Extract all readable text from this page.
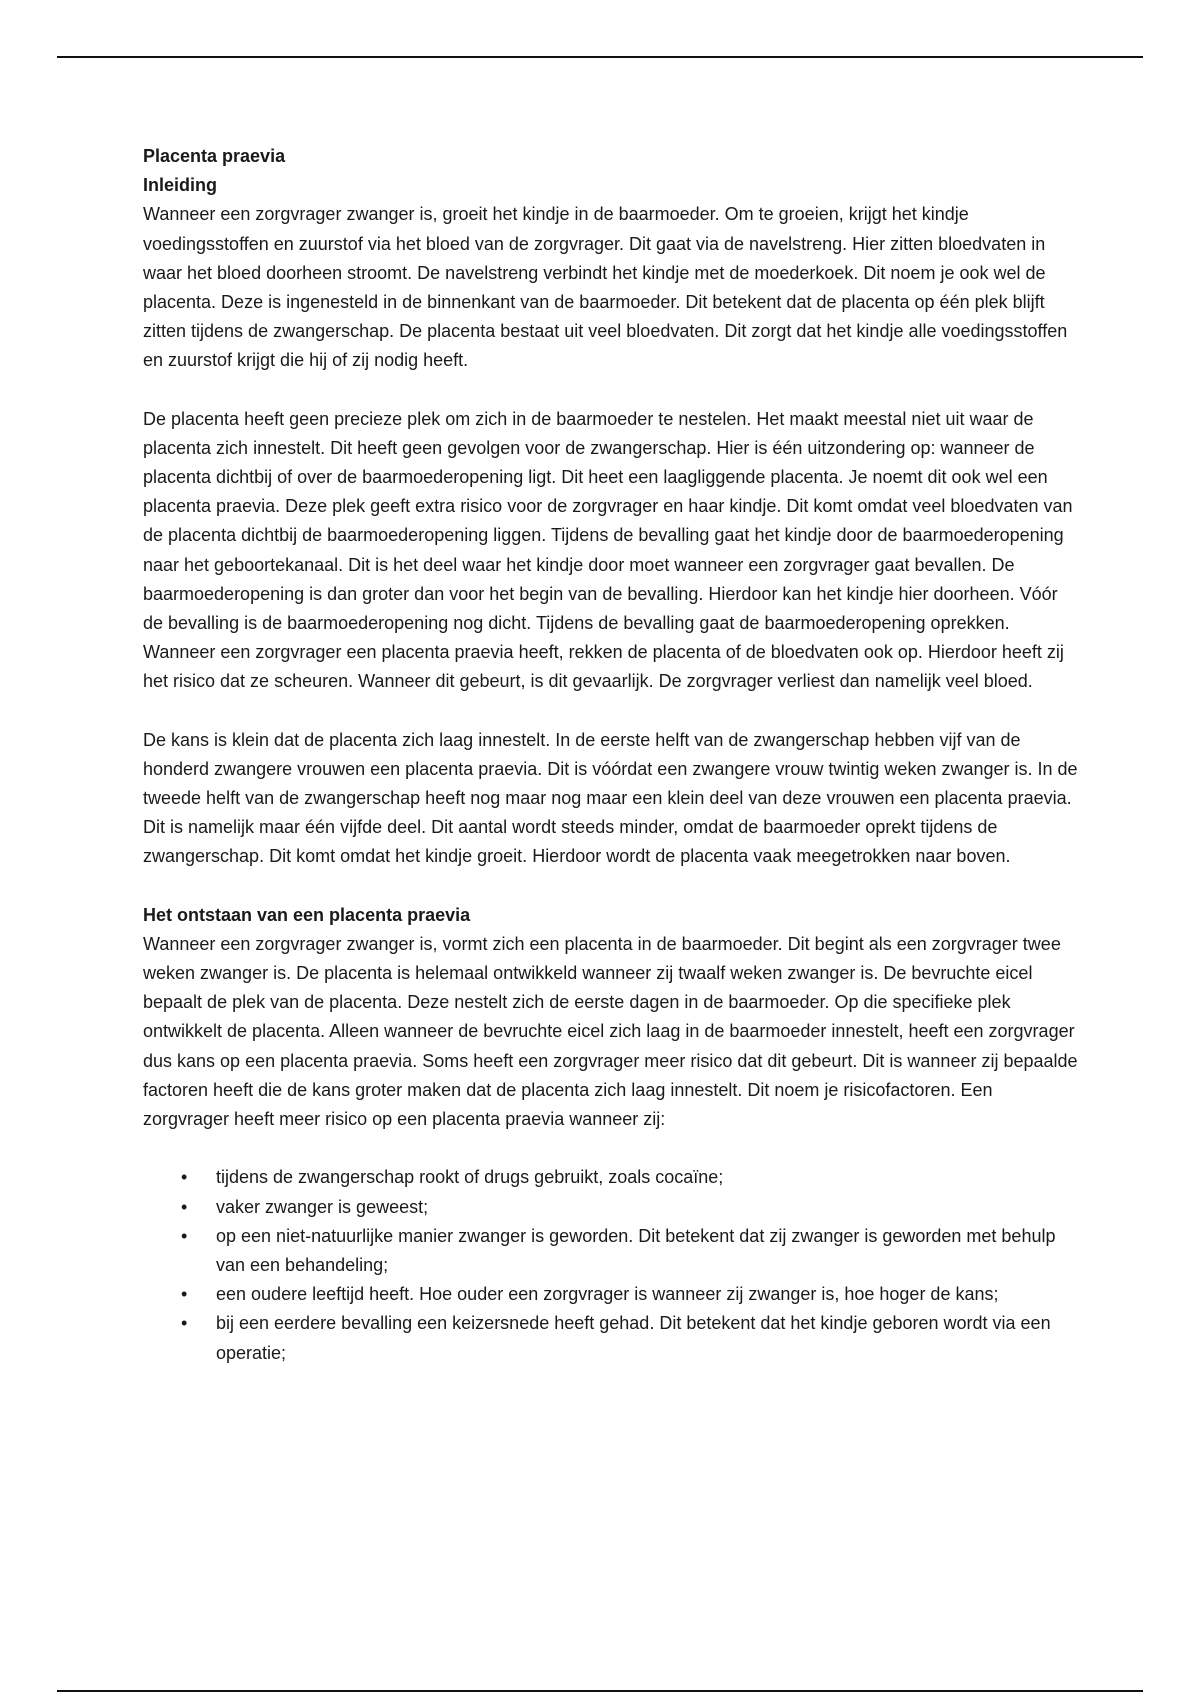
Placenta praevia

Inleiding

Wanneer een zorgvrager zwanger is, groeit het kindje in de baarmoeder. Om te groeien, krijgt het kindje voedingsstoffen en zuurstof via het bloed van de zorgvrager. Dit gaat via de navelstreng. Hier zitten bloedvaten in waar het bloed doorheen stroomt. De navelstreng verbindt het kindje met de moederkoek. Dit noem je ook wel de placenta. Deze is ingenesteld in de binnenkant van de baarmoeder. Dit betekent dat de placenta op één plek blijft zitten tijdens de zwangerschap. De placenta bestaat uit veel bloedvaten. Dit zorgt dat het kindje alle voedingsstoffen en zuurstof krijgt die hij of zij nodig heeft.

De placenta heeft geen precieze plek om zich in de baarmoeder te nestelen. Het maakt meestal niet uit waar de placenta zich innestelt. Dit heeft geen gevolgen voor de zwangerschap. Hier is één uitzondering op: wanneer de placenta dichtbij of over de baarmoederopening ligt. Dit heet een laagliggende placenta. Je noemt dit ook wel een placenta praevia. Deze plek geeft extra risico voor de zorgvrager en haar kindje. Dit komt omdat veel bloedvaten van de placenta dichtbij de baarmoederopening liggen. Tijdens de bevalling gaat het kindje door de baarmoederopening naar het geboortekanaal. Dit is het deel waar het kindje door moet wanneer een zorgvrager gaat bevallen. De baarmoederopening is dan groter dan voor het begin van de bevalling. Hierdoor kan het kindje hier doorheen. Vóór de bevalling is de baarmoederopening nog dicht. Tijdens de bevalling gaat de baarmoederopening oprekken. Wanneer een zorgvrager een placenta praevia heeft, rekken de placenta of de bloedvaten ook op. Hierdoor heeft zij het risico dat ze scheuren. Wanneer dit gebeurt, is dit gevaarlijk. De zorgvrager verliest dan namelijk veel bloed.

De kans is klein dat de placenta zich laag innestelt. In de eerste helft van de zwangerschap hebben vijf van de honderd zwangere vrouwen een placenta praevia. Dit is vóórdat een zwangere vrouw twintig weken zwanger is. In de tweede helft van de zwangerschap heeft nog maar nog maar een klein deel van deze vrouwen een placenta praevia. Dit is namelijk maar één vijfde deel. Dit aantal wordt steeds minder, omdat de baarmoeder oprekt tijdens de zwangerschap. Dit komt omdat het kindje groeit. Hierdoor wordt de placenta vaak meegetrokken naar boven.

Het ontstaan van een placenta praevia

Wanneer een zorgvrager zwanger is, vormt zich een placenta in de baarmoeder. Dit begint als een zorgvrager twee weken zwanger is. De placenta is helemaal ontwikkeld wanneer zij twaalf weken zwanger is. De bevruchte eicel bepaalt de plek van de placenta. Deze nestelt zich de eerste dagen in de baarmoeder. Op die specifieke plek ontwikkelt de placenta. Alleen wanneer de bevruchte eicel zich laag in de baarmoeder innestelt, heeft een zorgvrager dus kans op een placenta praevia. Soms heeft een zorgvrager meer risico dat dit gebeurt. Dit is wanneer zij bepaalde factoren heeft die de kans groter maken dat de placenta zich laag innestelt. Dit noem je risicofactoren. Een zorgvrager heeft meer risico op een placenta praevia wanneer zij:

• tijdens de zwangerschap rookt of drugs gebruikt, zoals cocaïne;
• vaker zwanger is geweest;
• op een niet-natuurlijke manier zwanger is geworden. Dit betekent dat zij zwanger is geworden met behulp van een behandeling;
• een oudere leeftijd heeft. Hoe ouder een zorgvrager is wanneer zij zwanger is, hoe hoger de kans;
• bij een eerdere bevalling een keizersnede heeft gehad. Dit betekent dat het kindje geboren wordt via een operatie;
